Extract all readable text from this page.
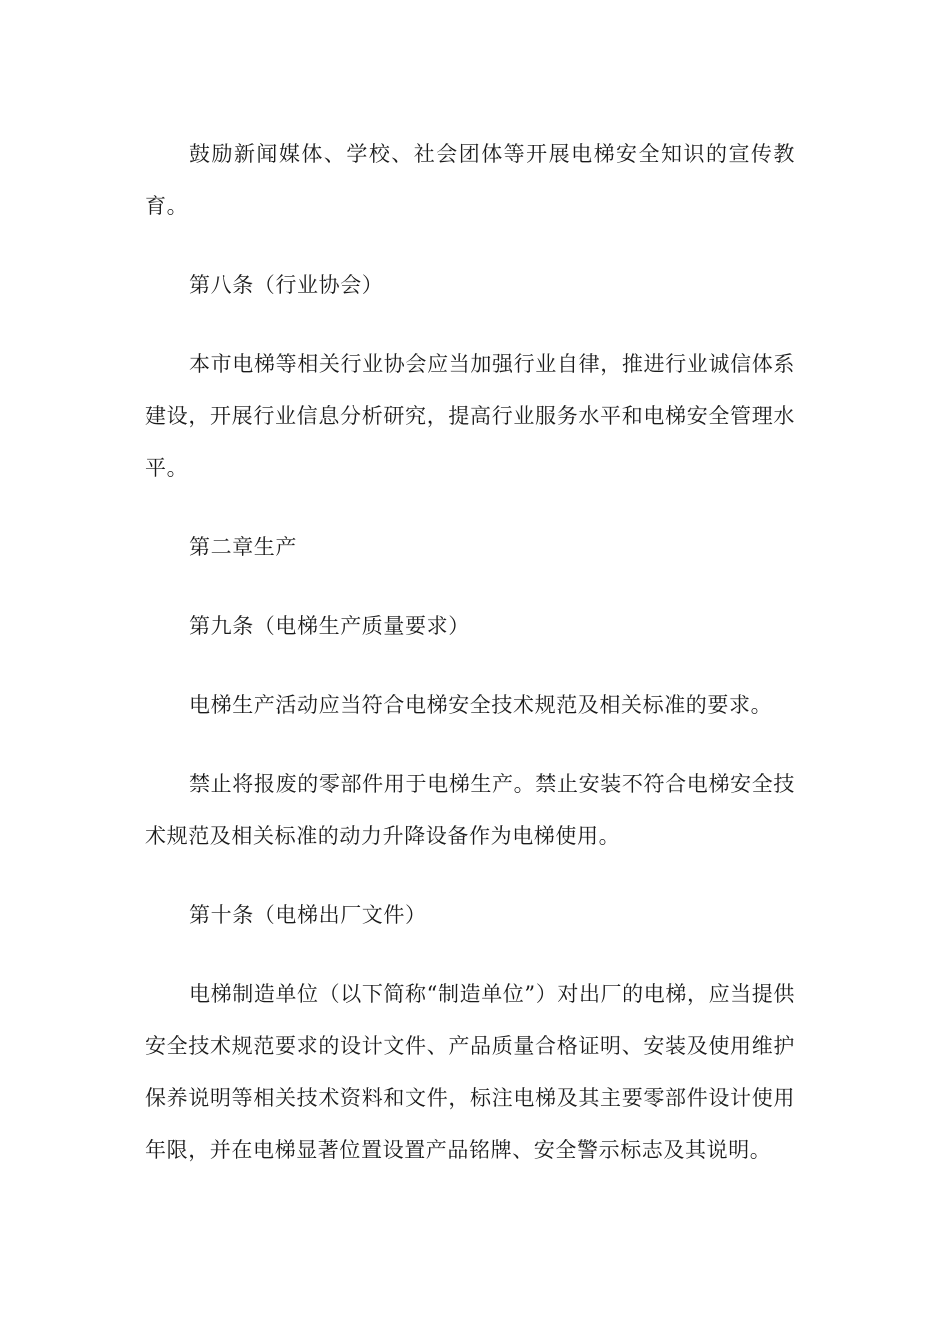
鼓励新闻媒体、学校、社会团体等开展电梯安全知识的宣传教育。

第八条（行业协会）

本市电梯等相关行业协会应当加强行业自律，推进行业诚信体系建设，开展行业信息分析研究，提高行业服务水平和电梯安全管理水平。

第二章生产

第九条（电梯生产质量要求）

电梯生产活动应当符合电梯安全技术规范及相关标准的要求。

禁止将报废的零部件用于电梯生产。禁止安装不符合电梯安全技术规范及相关标准的动力升降设备作为电梯使用。

第十条（电梯出厂文件）

电梯制造单位（以下简称“制造单位”）对出厂的电梯，应当提供安全技术规范要求的设计文件、产品质量合格证明、安装及使用维护保养说明等相关技术资料和文件，标注电梯及其主要零部件设计使用年限，并在电梯显著位置设置产品铭牌、安全警示标志及其说明。
